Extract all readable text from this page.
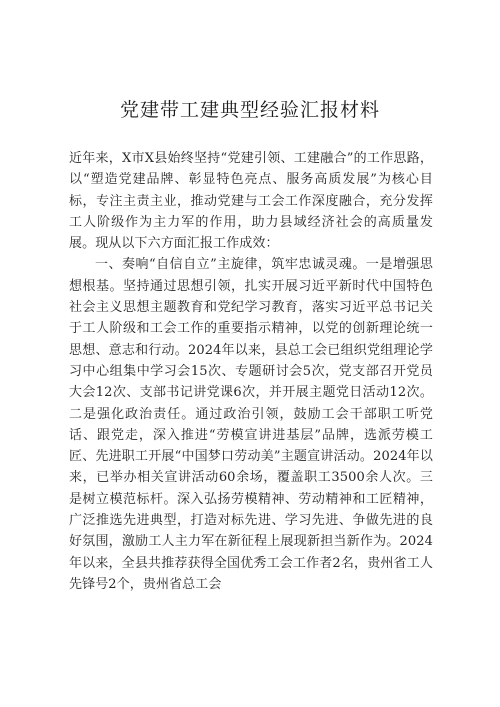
党建带工建典型经验汇报材料

近年来，X市X县始终坚持“党建引领、工建融合”的工作思路，以“塑造党建品牌、彰显特色亮点、服务高质发展”为核心目标，专注主责主业，推动党建与工会工作深度融合，充分发挥工人阶级作为主力军的作用，助力县域经济社会的高质量发展。现从以下六方面汇报工作成效：

一、奏响“自信自立”主旋律，筑牢忠诚灵魂。一是增强思想根基。坚持通过思想引领，扎实开展习近平新时代中国特色社会主义思想主题教育和党纪学习教育，落实习近平总书记关于工人阶级和工会工作的重要指示精神，以党的创新理论统一思想、意志和行动。2024年以来，县总工会已组织党组理论学习中心组集中学习会15次、专题研讨会5次，党支部召开党员大会12次、支部书记讲党课6次，并开展主题党日活动12次。二是强化政治责任。通过政治引领，鼓励工会干部职工听党话、跟党走，深入推进“劳模宣讲进基层”品牌，选派劳模工匠、先进职工开展“中国梦口劳动美”主题宣讲活动。2024年以来，已举办相关宣讲活动60余场，覆盖职工3500余人次。三是树立模范标杆。深入弘扬劳模精神、劳动精神和工匠精神，广泛推选先进典型，打造对标先进、学习先进、争做先进的良好氛围，激励工人主力军在新征程上展现新担当新作为。2024年以来，全县共推荐获得全国优秀工会工作者2名，贵州省工人先锋号2个，贵州省总工会
